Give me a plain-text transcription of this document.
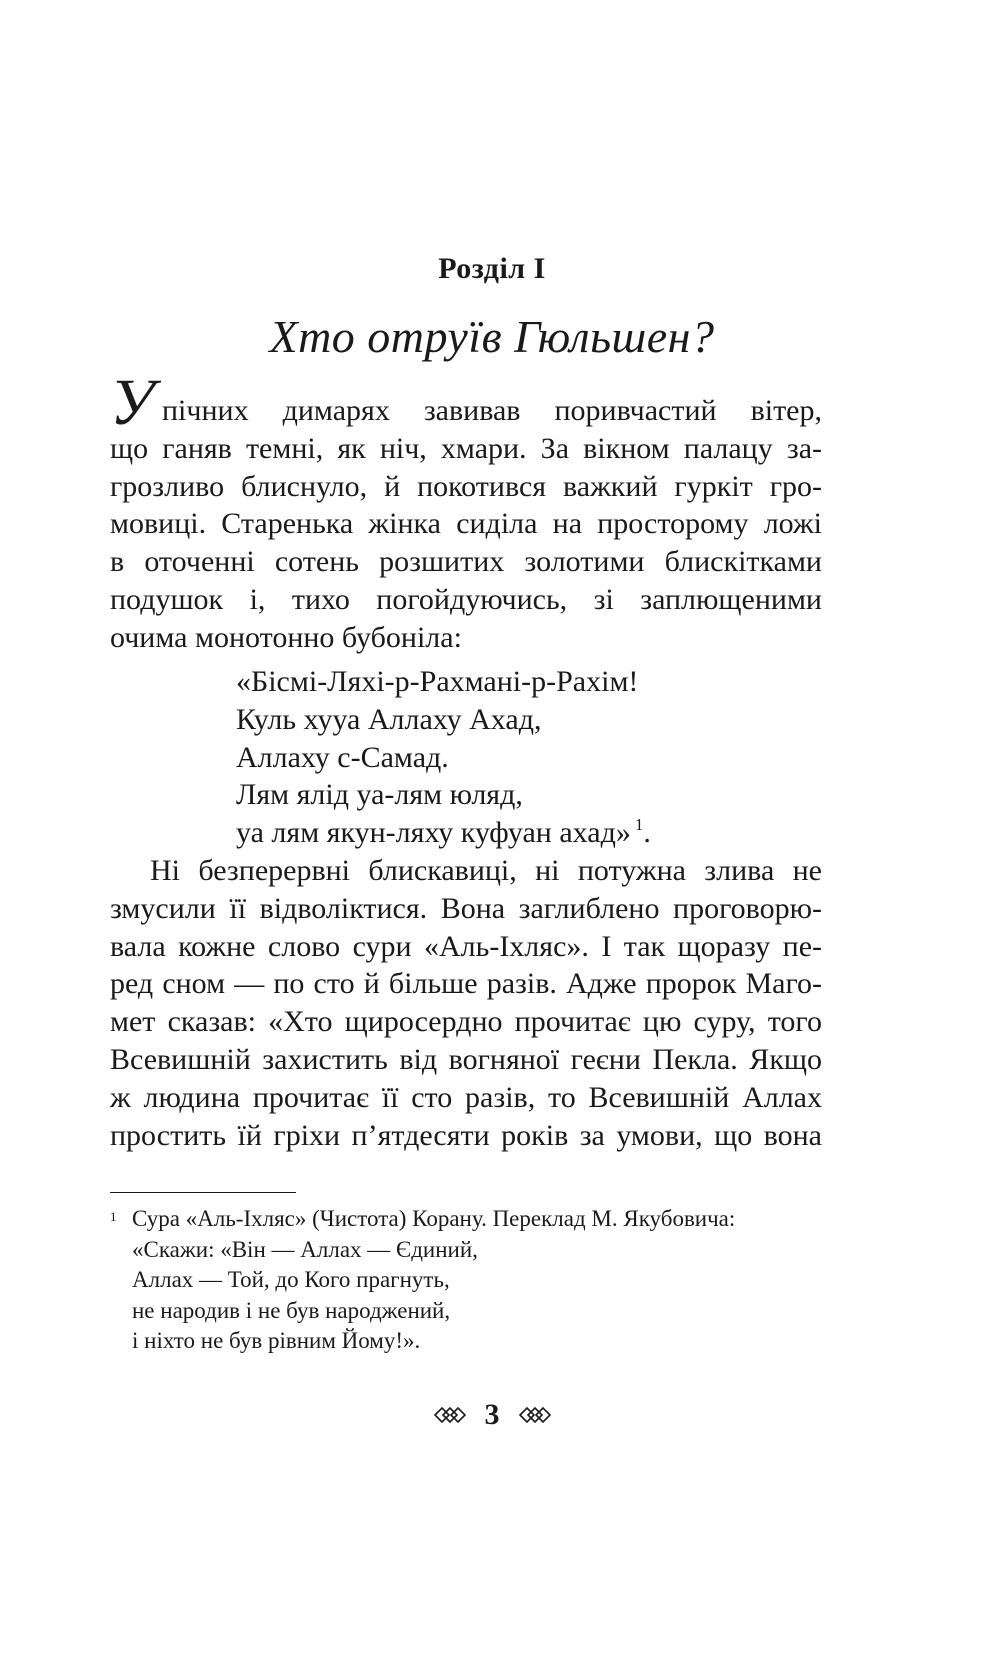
Розділ І
Хто отруїв Гюльшен?
У пічних димарях завивав поривчастий вітер,
що ганяв темні, як ніч, хмари. За вікном палацу за-
грозливо блиснуло, й покотився важкий гуркіт гро-
мовиці. Старенька жінка сиділа на просторому ложі
в оточенні сотень розшитих золотими блискітками
подушок і, тихо погойдуючись, зі заплющеними
очима монотонно бубоніла:
«Бісмі-Ляхі-р-Рахмані-р-Рахім!
Куль хууа Аллаху Ахад,
Аллаху с-Самад.
Лям ялід уа-лям юляд,
уа лям якун-ляху куфуан ахад» $^1$.
Ні безперервні блискавиці, ні потужна злива не
змусили її відволіктися. Вона заглиблено проговорю-
вала кожне слово сури «Аль-Іхляс». І так щоразу пе-
ред сном — по сто й більше разів. Адже пророк Маго-
мет сказав: «Хто щиросердно прочитає цю суру, того
Всевишній захистить від вогняної геєни Пекла. Якщо
ж людина прочитає її сто разів, то Всевишній Аллах
простить їй гріхи п’ятдесяти років за умови, що вона
1 Сура «Аль-Іхляс» (Чистота) Корану. Переклад М. Якубовича:
«Скажи: «Він — Аллах — Єдиний,
Аллах — Той, до Кого прагнуть,
не народив і не був народжений,
і ніхто не був рівним Йому!».
3
